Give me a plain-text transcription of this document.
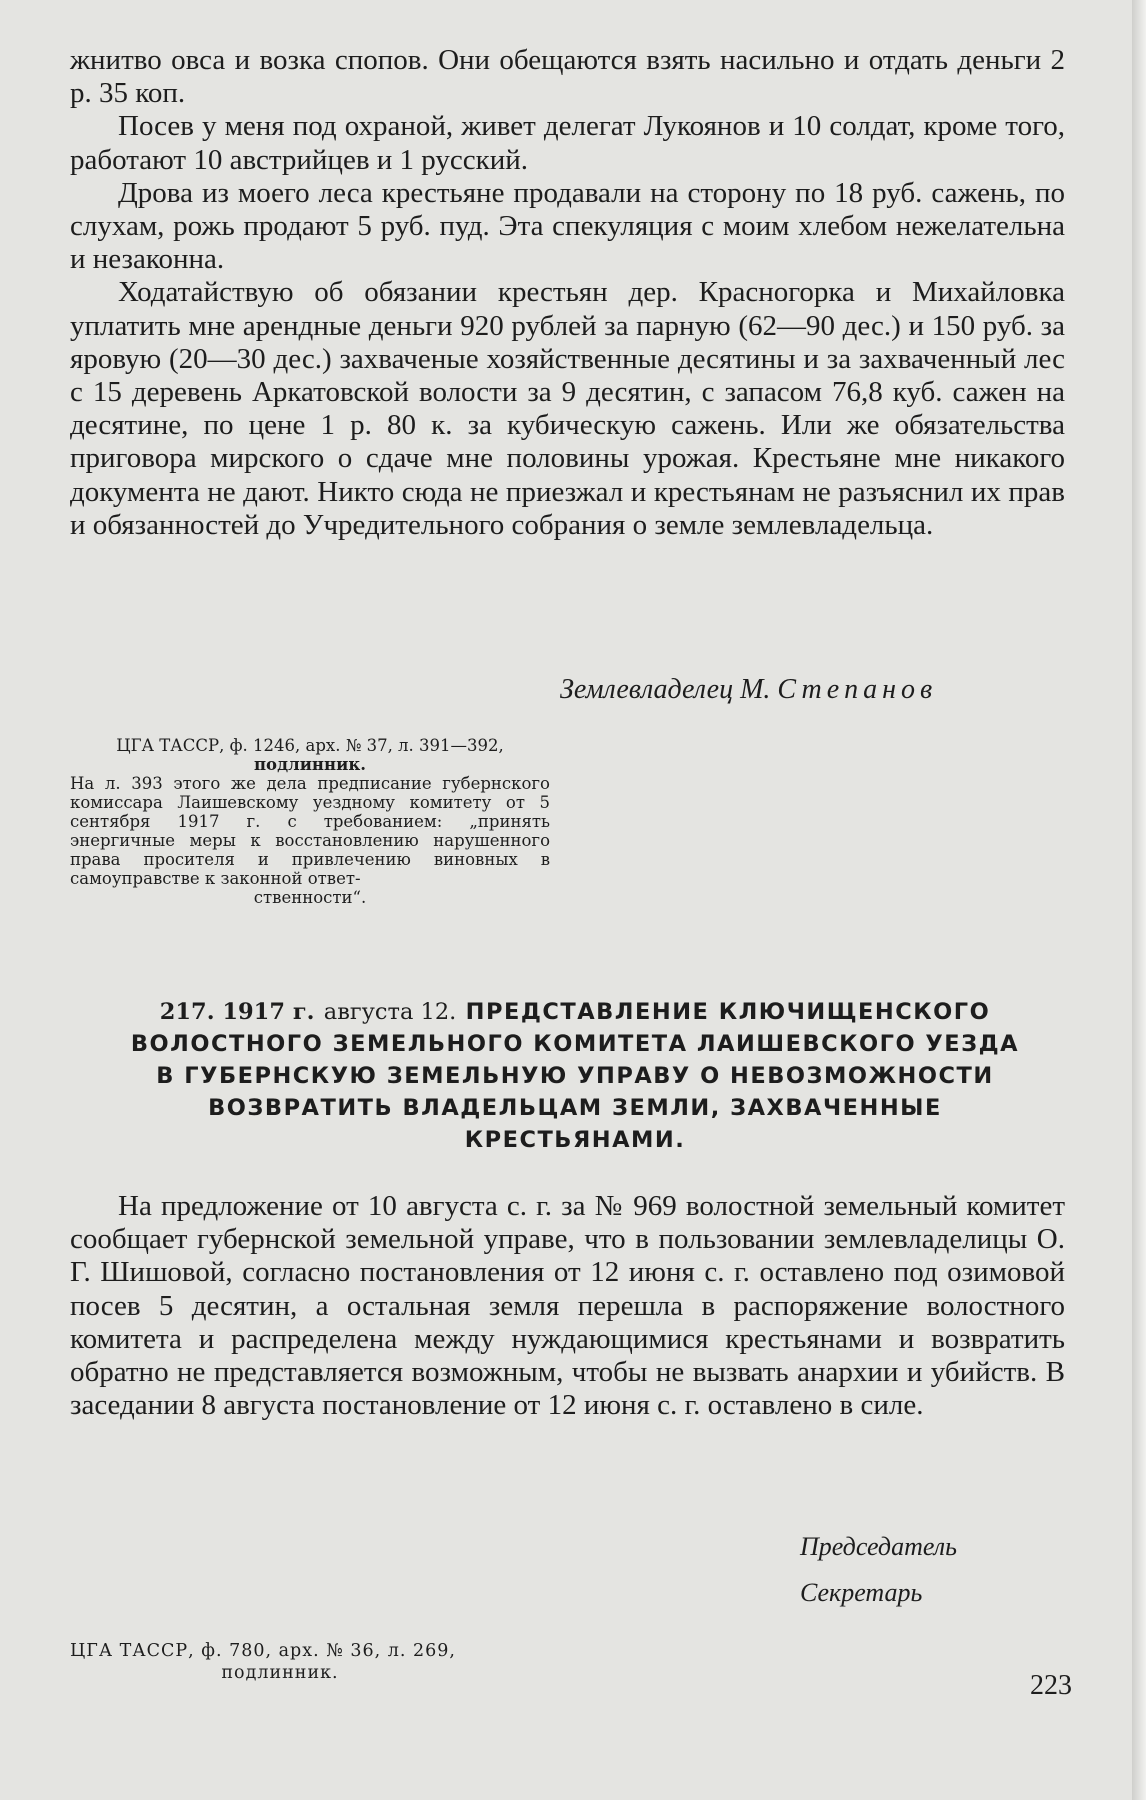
жнитво овса и возка спопов. Они обещаются взять насильно и отдать деньги 2 р. 35 коп.

Посев у меня под охраной, живет делегат Лукоянов и 10 солдат, кроме того, работают 10 австрийцев и 1 русский.

Дрова из моего леса крестьяне продавали на сторону по 18 руб. сажень, по слухам, рожь продают 5 руб. пуд. Эта спекуляция с моим хлебом нежелательна и незаконна.

Ходатайствую об обязании крестьян дер. Красногорка и Михайловка уплатить мне арендные деньги 920 рублей за парную (62—90 дес.) и 150 руб. за яровую (20—30 дес.) захваченые хозяйственные десятины и за захваченный лес с 15 деревень Аркатовской волости за 9 десятин, с запасом 76,8 куб. сажен на десятине, по цене 1 р. 80 к. за кубическую сажень. Или же обязательства приговора мирского о сдаче мне половины урожая. Крестьяне мне никакого документа не дают. Никто сюда не приезжал и крестьянам не разъяснил их прав и обязанностей до Учредительного собрания о земле землевладельца.

Землевладелец М. Степанов
ЦГА ТАССР, ф. 1246, арх. № 37, л. 391—392,
подлинник.
На л. 393 этого же дела предписание губернского комиссара Лаишевскому уездному комитету от 5 сентября 1917 г. с требованием: „принять энергичные меры к восстановлению нарушенного права просителя и привлечению виновных в самоуправстве к законной ответ-
ственности“.
217. 1917 г. августа 12. ПРЕДСТАВЛЕНИЕ КЛЮЧИЩЕНСКОГО ВОЛОСТНОГО ЗЕМЕЛЬНОГО КОМИТЕТА ЛАИШЕВСКОГО УЕЗДА В ГУБЕРНСКУЮ ЗЕМЕЛЬНУЮ УПРАВУ О НЕВОЗМОЖНОСТИ ВОЗВРАТИТЬ ВЛАДЕЛЬЦАМ ЗЕМЛИ, ЗАХВАЧЕННЫЕ КРЕСТЬЯНАМИ.

На предложение от 10 августа с. г. за № 969 волостной земельный комитет сообщает губернской земельной управе, что в пользовании землевладелицы О. Г. Шишовой, согласно постановления от 12 июня с. г. оставлено под озимовой посев 5 десятин, а остальная земля перешла в распоряжение волостного комитета и распределена между нуждающимися крестьянами и возвратить обратно не представляется возможным, чтобы не вызвать анархии и убийств. В заседании 8 августа постановление от 12 июня с. г. оставлено в силе.

Председатель
Секретарь
ЦГА ТАССР, ф. 780, арх. № 36, л. 269,
подлинник.	223
